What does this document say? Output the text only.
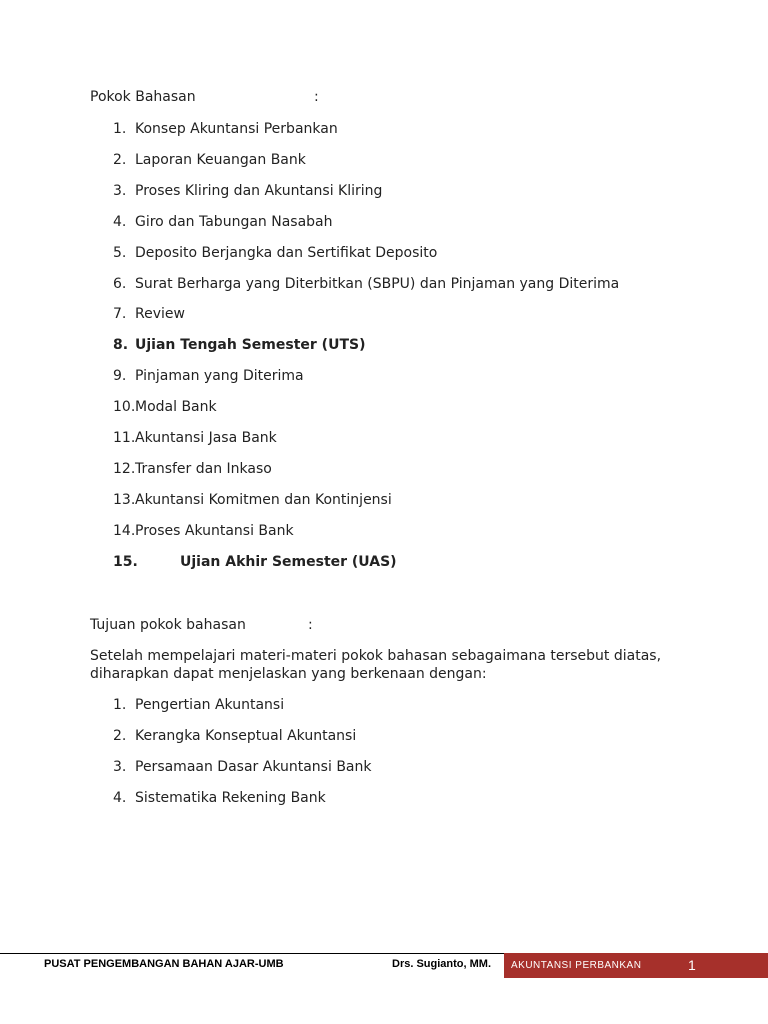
Pokok Bahasan	:
1. Konsep Akuntansi Perbankan
2. Laporan Keuangan Bank
3. Proses Kliring dan Akuntansi Kliring
4. Giro dan Tabungan Nasabah
5. Deposito Berjangka dan Sertifikat Deposito
6. Surat Berharga yang Diterbitkan (SBPU) dan Pinjaman yang Diterima
7. Review
8. Ujian Tengah Semester (UTS)
9. Pinjaman yang Diterima
10. Modal Bank
11. Akuntansi Jasa Bank
12. Transfer dan Inkaso
13. Akuntansi Komitmen dan Kontinjensi
14. Proses Akuntansi Bank
15.	Ujian Akhir Semester (UAS)
Tujuan pokok bahasan	:

Setelah mempelajari materi-materi pokok bahasan sebagaimana tersebut diatas, diharapkan dapat menjelaskan yang berkenaan dengan:

1. Pengertian Akuntansi
2. Kerangka Konseptual Akuntansi
3. Persamaan Dasar Akuntansi Bank
4. Sistematika Rekening Bank
PUSAT PENGEMBANGAN BAHAN AJAR-UMB	Drs. Sugianto, MM. AKUNTANSI PERBANKAN	1
